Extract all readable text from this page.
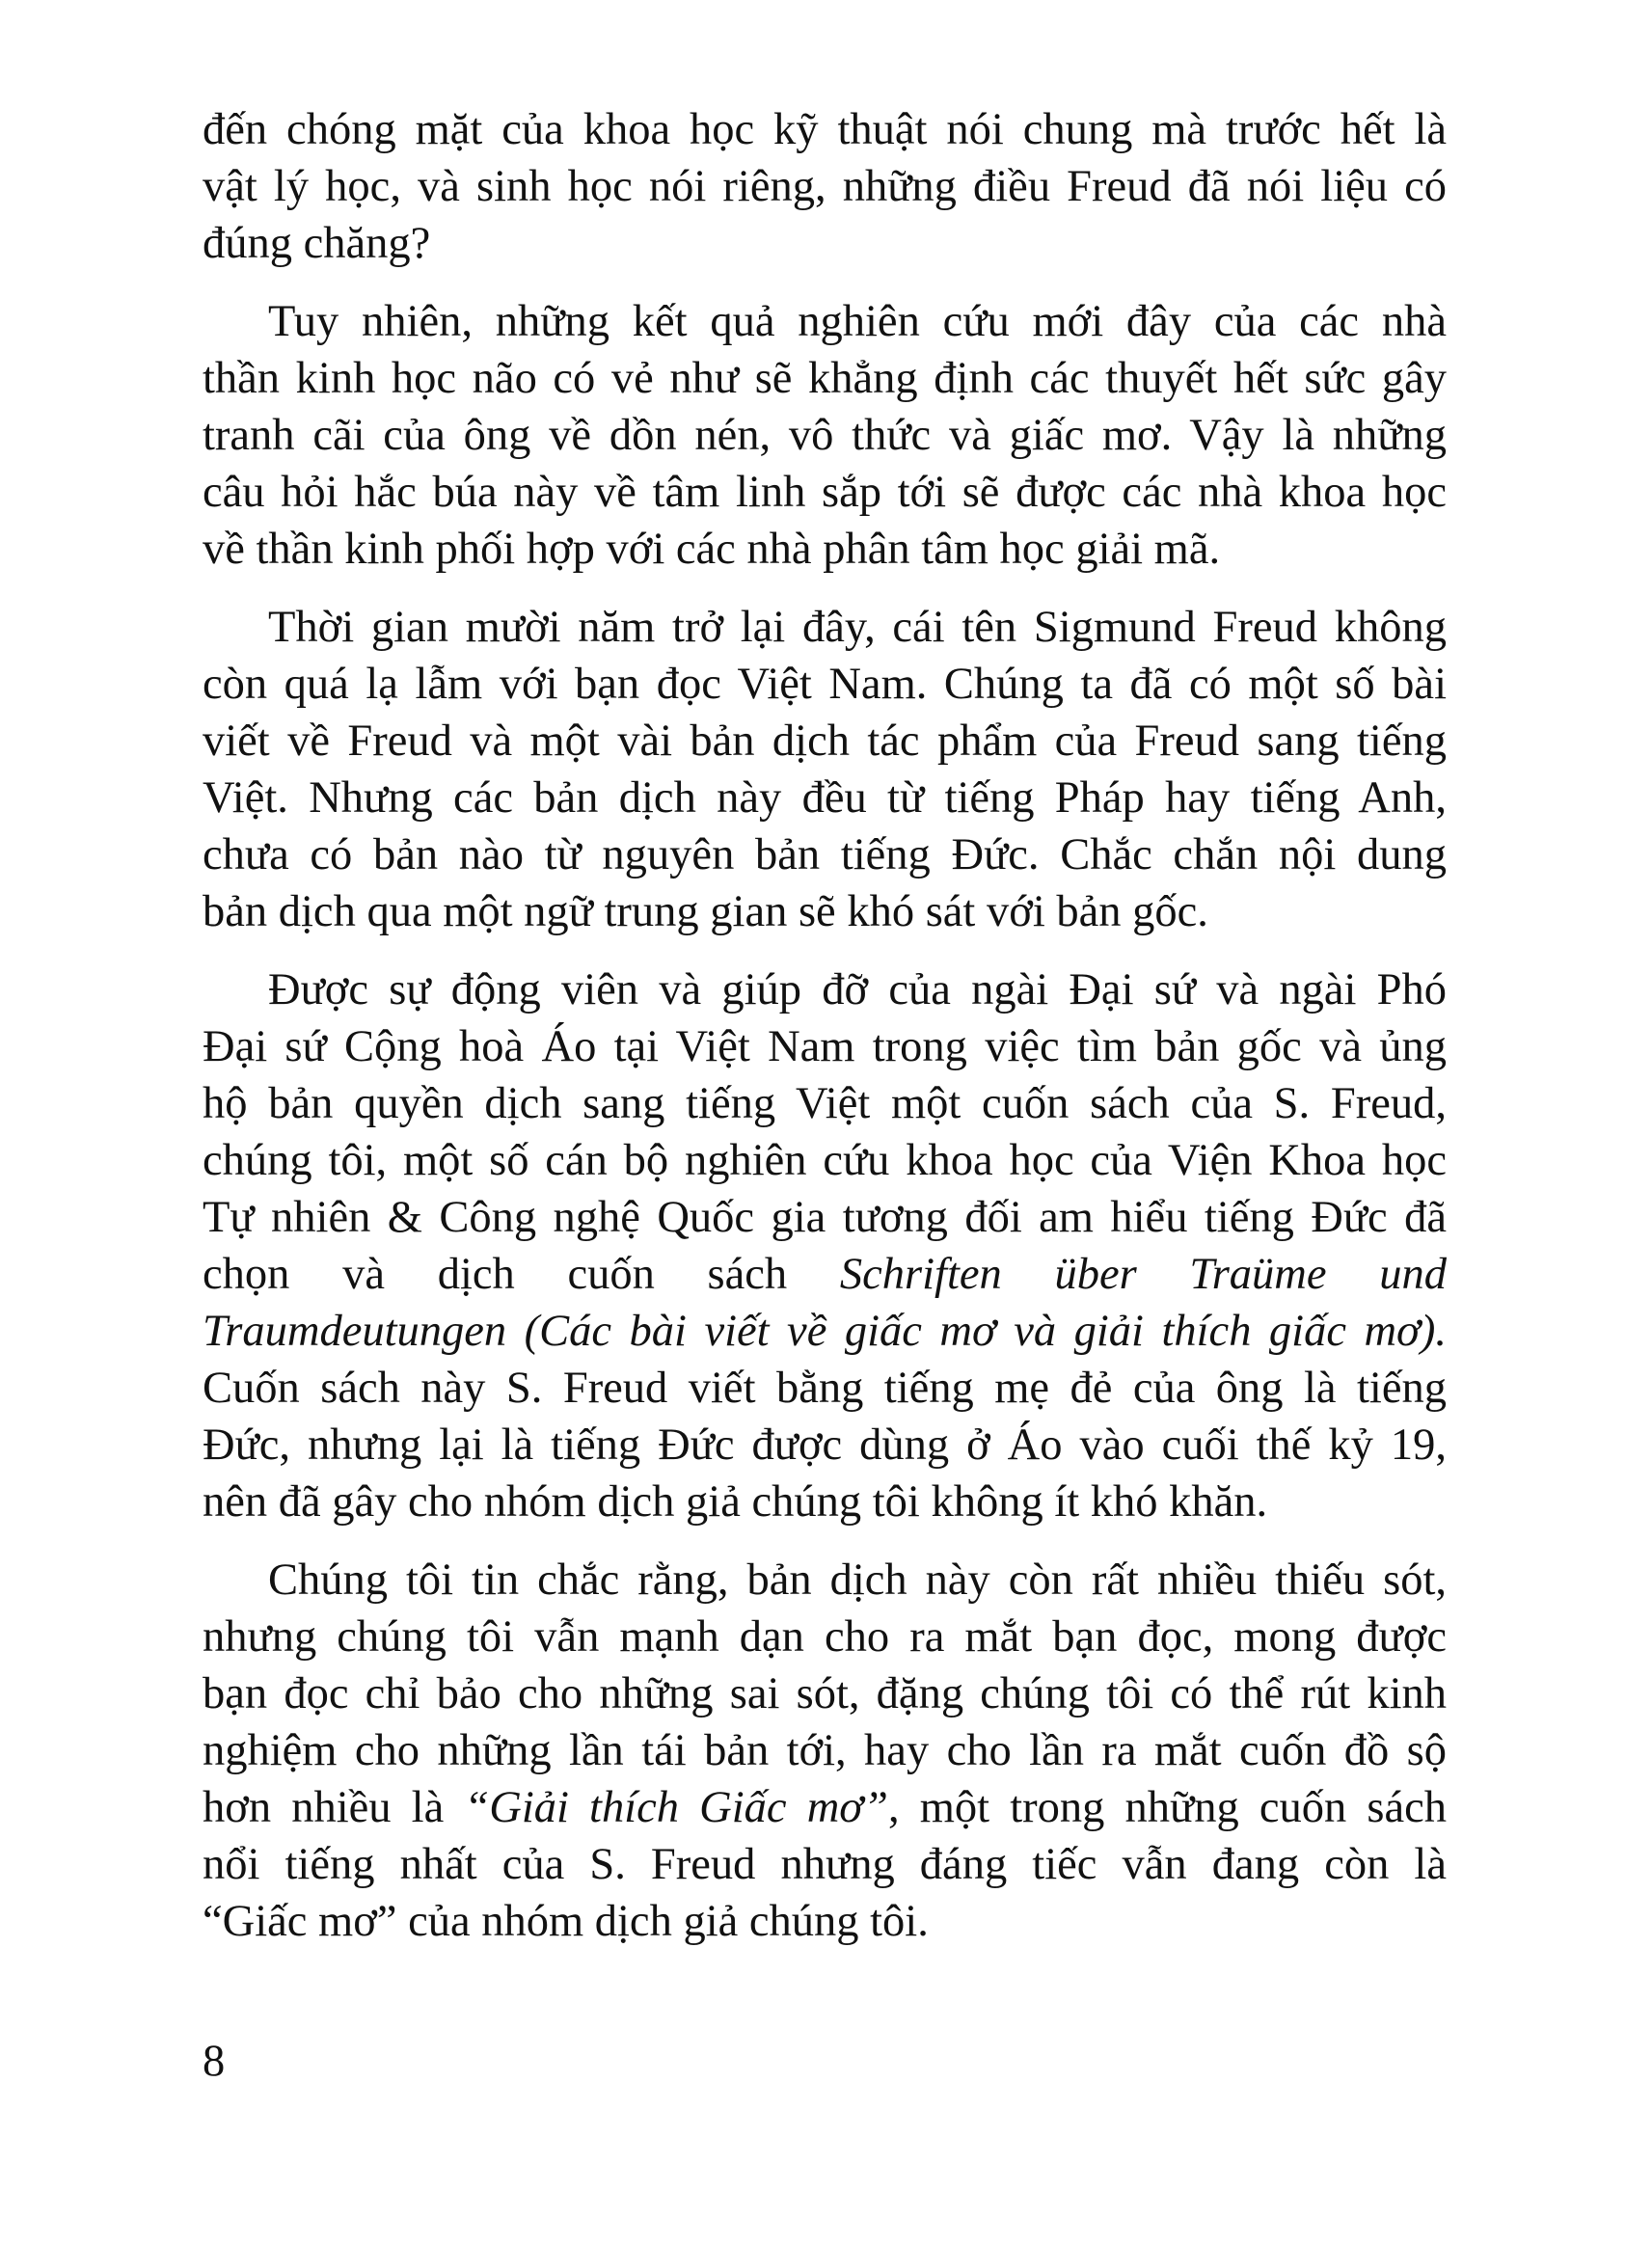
đến chóng mặt của khoa học kỹ thuật nói chung mà trước hết là
vật lý học, và sinh học nói riêng, những điều Freud đã nói liệu có
đúng chăng?

Tuy nhiên, những kết quả nghiên cứu mới đây của các nhà
thần kinh học não có vẻ như sẽ khẳng định các thuyết hết sức gây
tranh cãi của ông về dồn nén, vô thức và giấc mơ. Vậy là những
câu hỏi hắc búa này về tâm linh sắp tới sẽ được các nhà khoa học
về thần kinh phối hợp với các nhà phân tâm học giải mã.

Thời gian mười năm trở lại đây, cái tên Sigmund Freud không
còn quá lạ lẫm với bạn đọc Việt Nam. Chúng ta đã có một số bài
viết về Freud và một vài bản dịch tác phẩm của Freud sang tiếng
Việt. Nhưng các bản dịch này đều từ tiếng Pháp hay tiếng Anh,
chưa có bản nào từ nguyên bản tiếng Đức. Chắc chắn nội dung
bản dịch qua một ngữ trung gian sẽ khó sát với bản gốc.

Được sự động viên và giúp đỡ của ngài Đại sứ và ngài Phó
Đại sứ Cộng hoà Áo tại Việt Nam trong việc tìm bản gốc và ủng
hộ bản quyền dịch sang tiếng Việt một cuốn sách của S. Freud,
chúng tôi, một số cán bộ nghiên cứu khoa học của Viện Khoa học
Tự nhiên & Công nghệ Quốc gia tương đối am hiểu tiếng Đức đã
chọn và dịch cuốn sách Schriften über Traüme und
Traumdeutungen (Các bài viết về giấc mơ và giải thích giấc mơ).
Cuốn sách này S. Freud viết bằng tiếng mẹ đẻ của ông là tiếng
Đức, nhưng lại là tiếng Đức được dùng ở Áo vào cuối thế kỷ 19,
nên đã gây cho nhóm dịch giả chúng tôi không ít khó khăn.

Chúng tôi tin chắc rằng, bản dịch này còn rất nhiều thiếu sót,
nhưng chúng tôi vẫn mạnh dạn cho ra mắt bạn đọc, mong được
bạn đọc chỉ bảo cho những sai sót, đặng chúng tôi có thể rút kinh
nghiệm cho những lần tái bản tới, hay cho lần ra mắt cuốn đồ sộ
hơn nhiều là “Giải thích Giấc mơ”, một trong những cuốn sách
nổi tiếng nhất của S. Freud nhưng đáng tiếc vẫn đang còn là
“Giấc mơ” của nhóm dịch giả chúng tôi.

8
